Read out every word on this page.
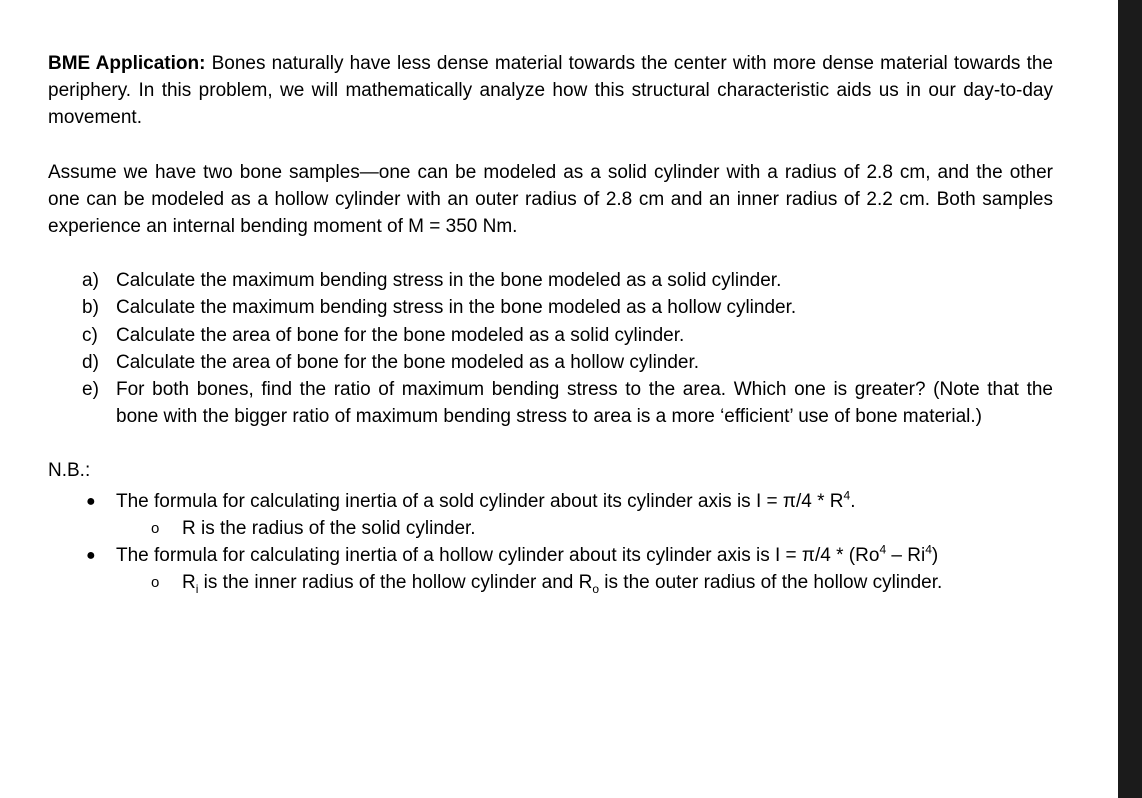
BME Application: Bones naturally have less dense material towards the center with more dense material towards the periphery. In this problem, we will mathematically analyze how this structural characteristic aids us in our day-to-day movement.

Assume we have two bone samples—one can be modeled as a solid cylinder with a radius of 2.8 cm, and the other one can be modeled as a hollow cylinder with an outer radius of 2.8 cm and an inner radius of 2.2 cm. Both samples experience an internal bending moment of M = 350 Nm.

a) Calculate the maximum bending stress in the bone modeled as a solid cylinder.
b) Calculate the maximum bending stress in the bone modeled as a hollow cylinder.
c) Calculate the area of bone for the bone modeled as a solid cylinder.
d) Calculate the area of bone for the bone modeled as a hollow cylinder.
e) For both bones, find the ratio of maximum bending stress to the area. Which one is greater? (Note that the bone with the bigger ratio of maximum bending stress to area is a more ‘efficient’ use of bone material.)

N.B.:

● The formula for calculating inertia of a sold cylinder about its cylinder axis is $I = \pi/4 * R^4$.
o R is the radius of the solid cylinder.
● The formula for calculating inertia of a hollow cylinder about its cylinder axis is I = π/4 * (Ro$^4$ – Ri$^4$)
o $R_i$ is the inner radius of the hollow cylinder and $R_o$ is the outer radius of the hollow cylinder.
